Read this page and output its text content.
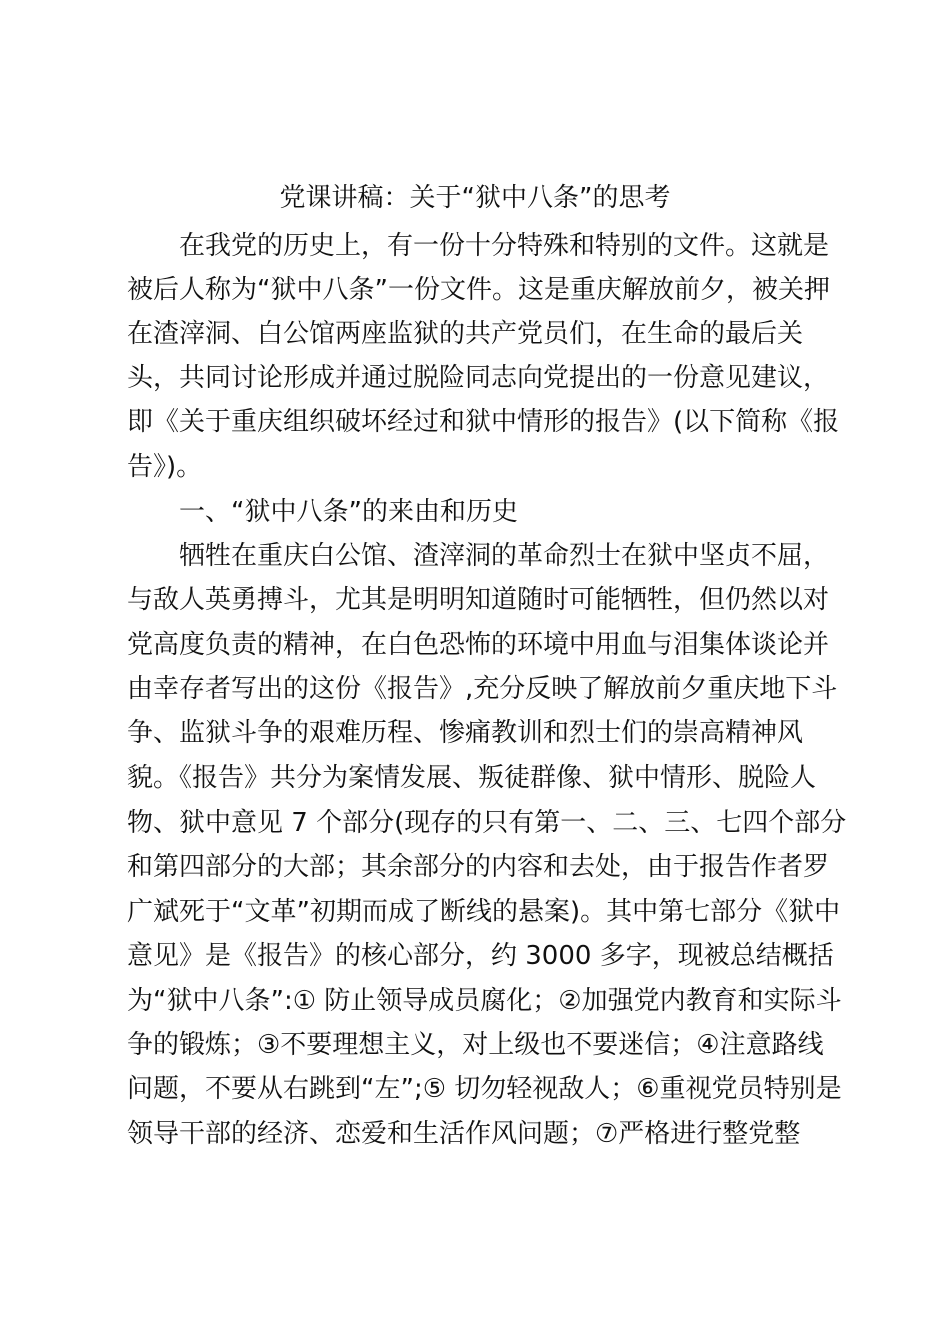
党课讲稿：关于“狱中八条”的思考

在我党的历史上，有一份十分特殊和特别的文件。这就是

被后人称为“狱中八条”一份文件。这是重庆解放前夕，被关押

在渣滓洞、白公馆两座监狱的共产党员们，在生命的最后关

头，共同讨论形成并通过脱险同志向党提出的一份意见建议，

即《关于重庆组织破坏经过和狱中情形的报告》(以下简称《报

告》)。

一、“狱中八条”的来由和历史

牺牲在重庆白公馆、渣滓洞的革命烈士在狱中坚贞不屈，

与敌人英勇搏斗，尤其是明明知道随时可能牺牲，但仍然以对

党高度负责的精神，在白色恐怖的环境中用血与泪集体谈论并

由幸存者写出的这份《报告》,充分反映了解放前夕重庆地下斗

争、监狱斗争的艰难历程、惨痛教训和烈士们的崇高精神风

貌。《报告》共分为案情发展、叛徒群像、狱中情形、脱险人

物、狱中意见 7 个部分(现存的只有第一、二、三、七四个部分

和第四部分的大部；其余部分的内容和去处，由于报告作者罗

广斌死于“文革”初期而成了断线的悬案)。其中第七部分《狱中

意见》是《报告》的核心部分，约 3000 多字，现被总结概括

为“狱中八条”:① 防止领导成员腐化；②加强党内教育和实际斗

争的锻炼；③不要理想主义，对上级也不要迷信；④注意路线

问题，不要从右跳到“左”;⑤ 切勿轻视敌人；⑥重视党员特别是

领导干部的经济、恋爱和生活作风问题；⑦严格进行整党整
